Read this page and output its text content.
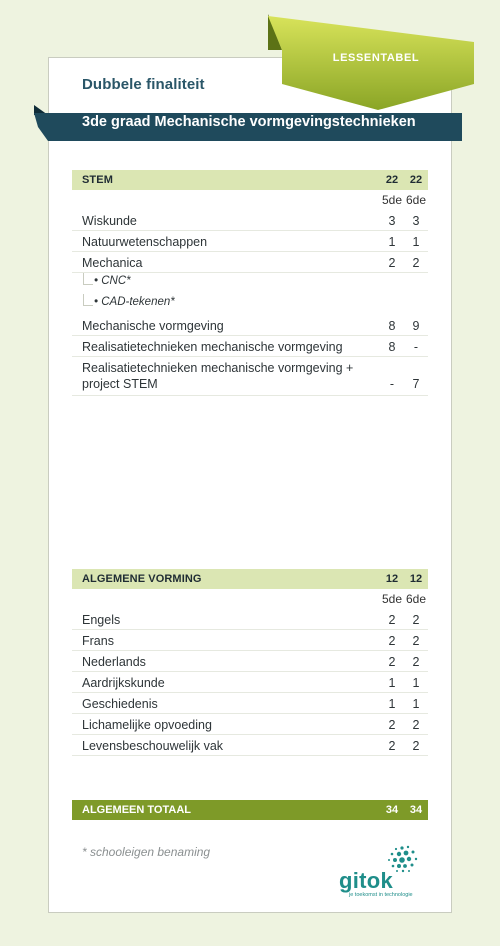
Dubbele finaliteit
LESSENTABEL
3de graad Mechanische vormgevingstechnieken
STEM	22	22
5de 6de
Wiskunde	3	3
Natuurwetenschappen	1	1
Mechanica	2	2
• CNC*
• CAD-tekenen*
Mechanische vormgeving	8	9
Realisatietechnieken mechanische vormgeving	8	-
Realisatietechnieken mechanische vormgeving + project STEM	-	7
ALGEMENE VORMING	12	12
5de 6de
Engels	2	2
Frans	2	2
Nederlands	2	2
Aardrijkskunde	1	1
Geschiedenis	1	1
Lichamelijke opvoeding	2	2
Levensbeschouwelijk vak	2	2
ALGEMEEN TOTAAL	34	34
* schooleigen benaming
gitok
je toekomst in technologie
